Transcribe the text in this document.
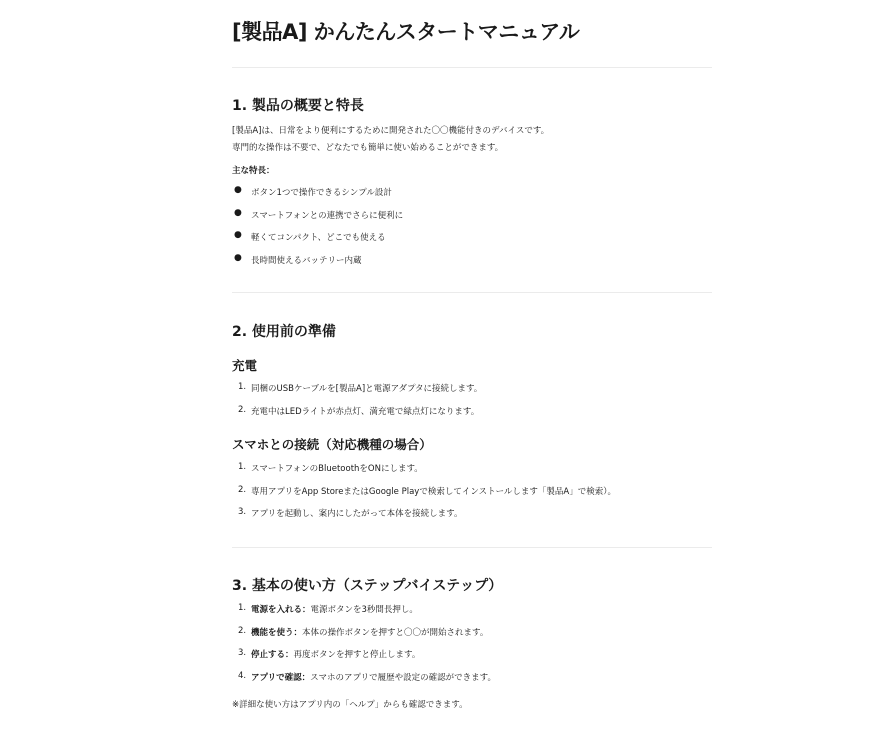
[製品A] かんたんスタートマニュアル
1. 製品の概要と特長
[製品A]は、日常をより便利にするために開発された〇〇機能付きのデバイスです。
専門的な操作は不要で、どなたでも簡単に使い始めることができます。
主な特長：
● ボタン1つで操作できるシンプル設計
● スマートフォンとの連携でさらに便利に
● 軽くてコンパクト、どこでも使える
● 長時間使えるバッテリー内蔵
2. 使用前の準備
充電
1. 同梱のUSBケーブルを[製品A]と電源アダプタに接続します。
2. 充電中はLEDライトが赤点灯、満充電で緑点灯になります。
スマホとの接続（対応機種の場合）
1. スマートフォンのBluetoothをONにします。
2. 専用アプリをApp StoreまたはGoogle Playで検索してインストールします「製品A」で検索）。
3. アプリを起動し、案内にしたがって本体を接続します。
3. 基本の使い方（ステップバイステップ）
1. 電源を入れる：電源ボタンを3秒間長押し。
2. 機能を使う：本体の操作ボタンを押すと〇〇が開始されます。
3. 停止する：再度ボタンを押すと停止します。
4. アプリで確認：スマホのアプリで履歴や設定の確認ができます。
※詳細な使い方はアプリ内の「ヘルプ」からも確認できます。
